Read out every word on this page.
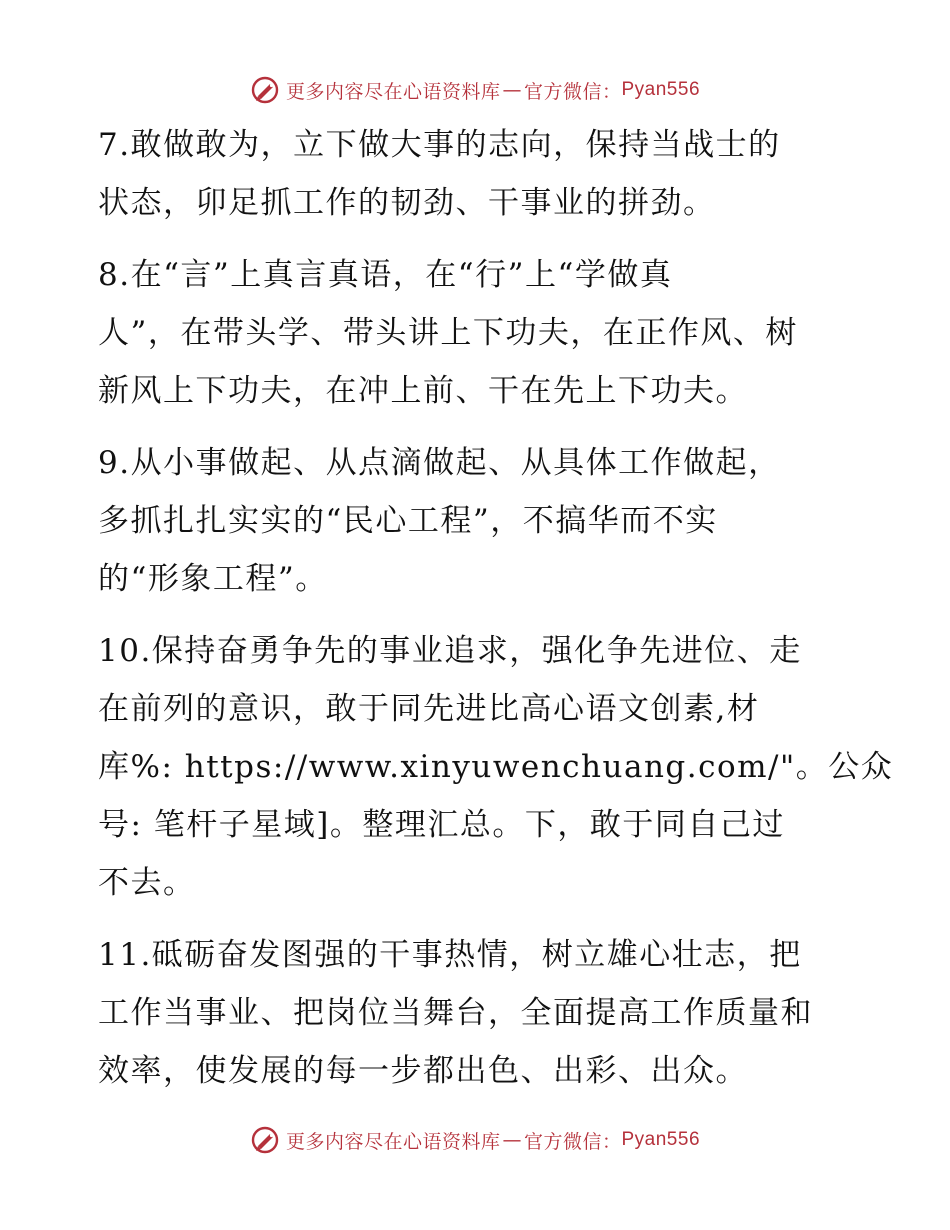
更多内容尽在心语资料库 — 官方微信： Pyan556
7.敢做敢为，立下做大事的志向，保持当战士的
状态，卯足抓工作的韧劲、干事业的拼劲。
8.在“言”上真言真语，在“行”上“学做真
人”，在带头学、带头讲上下功夫，在正作风、树
新风上下功夫，在冲上前、干在先上下功夫。
9.从小事做起、从点滴做起、从具体工作做起，
多抓扎扎实实的“民心工程”，不搞华而不实
的“形象工程”。
10.保持奋勇争先的事业追求，强化争先进位、走
在前列的意识，敢于同先进比高心语文创素,材
库%: https://www.xinyuwenchuang.com/"。公众
号: 笔杆子星域]。整理汇总。下，敢于同自己过
不去。
11.砥砺奋发图强的干事热情，树立雄心壮志，把
工作当事业、把岗位当舞台，全面提高工作质量和
效率，使发展的每一步都出色、出彩、出众。
更多内容尽在心语资料库 — 官方微信： Pyan556
